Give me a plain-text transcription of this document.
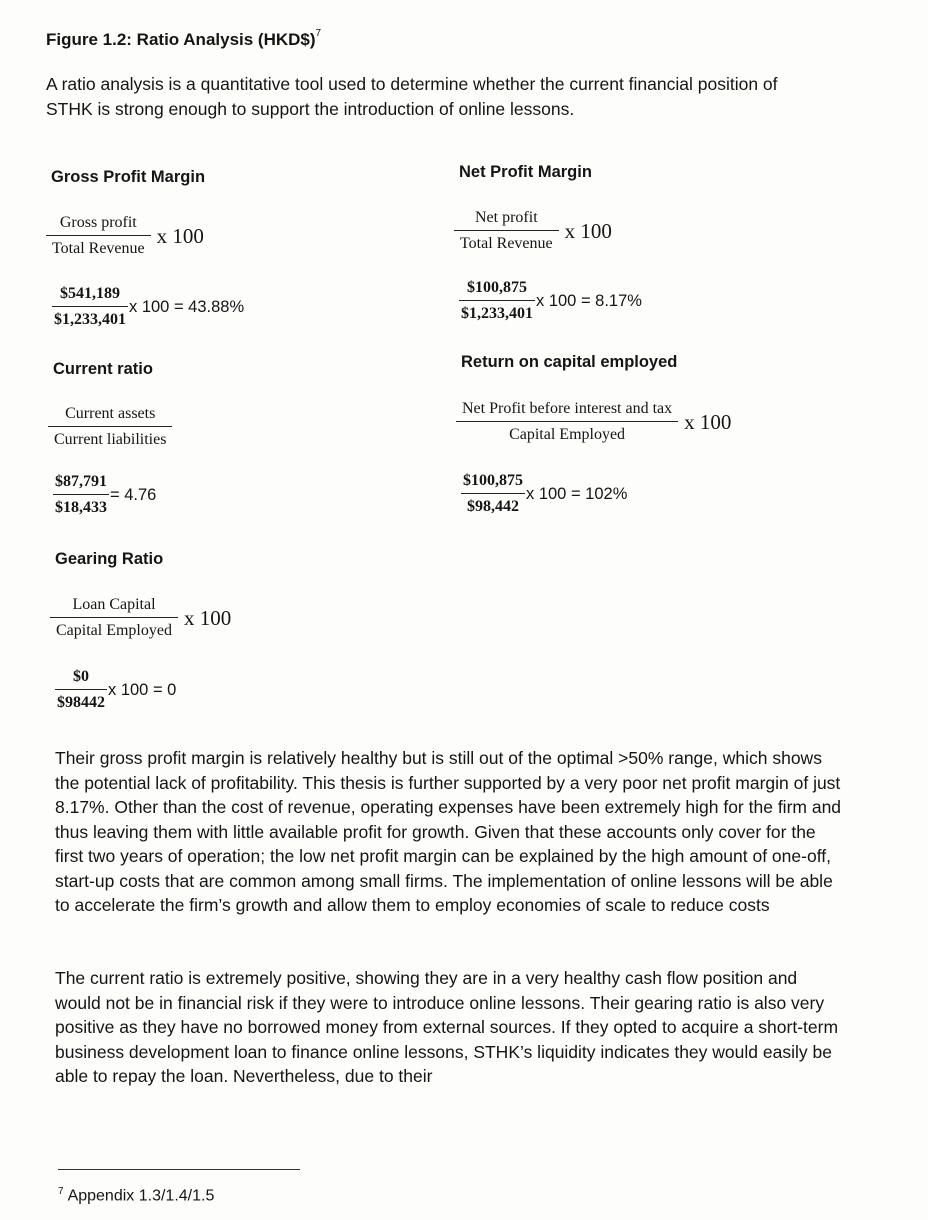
Figure 1.2: Ratio Analysis (HKD$)$^7$
A ratio analysis is a quantitative tool used to determine whether the current financial position of STHK is strong enough to support the introduction of online lessons.
Gross Profit Margin
$\frac{\text{Gross profit}}{\text{Total Revenue}}$ x 100
$\frac{\$541,189}{\$1,233,401}$ x 100 = 43.88%
Net Profit Margin
$\frac{\text{Net profit}}{\text{Total Revenue}}$ x 100
$\frac{\$100,875}{\$1,233,401}$ x 100 = 8.17%
Current ratio
$\frac{\text{Current assets}}{\text{Current liabilities}}$
$\frac{\$87,791}{\$18,433} = 4.76$
Return on capital employed
$\frac{\text{Net Profit before interest and tax}}{\text{Capital Employed}}$ x 100
$\frac{\$100,875}{\$98,442}$ x 100 = 102%
Gearing Ratio
$\frac{\text{Loan Capital}}{\text{Capital Employed}}$ x 100
$\frac{\$0}{\$98442}$ x 100 = 0
Their gross profit margin is relatively healthy but is still out of the optimal >50% range, which shows the potential lack of profitability. This thesis is further supported by a very poor net profit margin of just 8.17%. Other than the cost of revenue, operating expenses have been extremely high for the firm and thus leaving them with little available profit for growth. Given that these accounts only cover for the first two years of operation; the low net profit margin can be explained by the high amount of one-off, start-up costs that are common among small firms. The implementation of online lessons will be able to accelerate the firm’s growth and allow them to employ economies of scale to reduce costs
The current ratio is extremely positive, showing they are in a very healthy cash flow position and would not be in financial risk if they were to introduce online lessons. Their gearing ratio is also very positive as they have no borrowed money from external sources. If they opted to acquire a short-term business development loan to finance online lessons, STHK’s liquidity indicates they would easily be able to repay the loan. Nevertheless, due to their
$^7$ Appendix 1.3/1.4/1.5
